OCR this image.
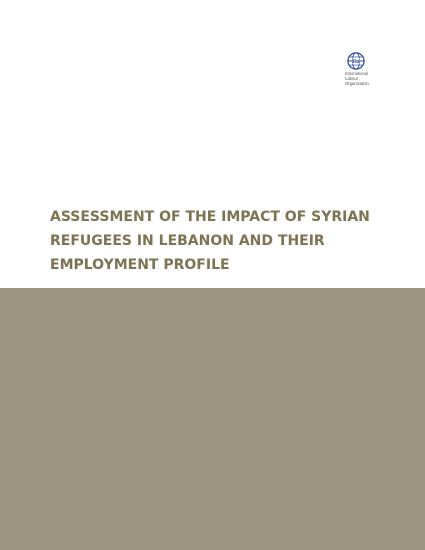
ilo
International
Labour
Organization
ASSESSMENT OF THE IMPACT OF SYRIAN
REFUGEES IN LEBANON AND THEIR
EMPLOYMENT PROFILE
